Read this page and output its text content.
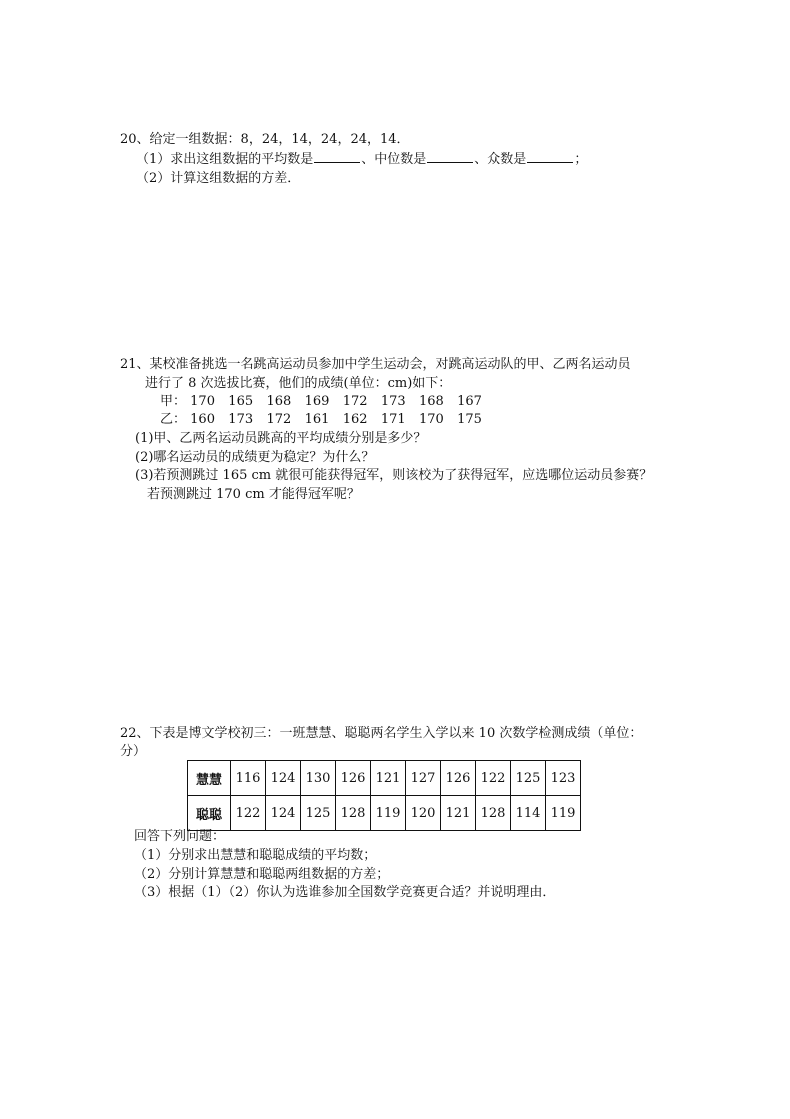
20、给定一组数据：8，24，14，24，24，14．
（1）求出这组数据的平均数是	、中位数是	、众数是	；
（2）计算这组数据的方差．
21、某校准备挑选一名跳高运动员参加中学生运动会，对跳高运动队的甲、乙两名运动员
进行了 8 次选拔比赛，他们的成绩(单位：cm)如下：
甲： 170 165 168 169 172 173 168 167
乙： 160 173 172 161 162 171 170 175
(1)甲、乙两名运动员跳高的平均成绩分别是多少？
(2)哪名运动员的成绩更为稳定？为什么？
(3)若预测跳过 165 cm 就很可能获得冠军，则该校为了获得冠军，应选哪位运动员参赛？
若预测跳过 170 cm 才能得冠军呢？
22、下表是博文学校初三：一班慧慧、聪聪两名学生入学以来 10 次数学检测成绩（单位：
分）
慧慧	116	124	130	126	121	127	126	122	125	123
聪聪	122	124	125	128	119	120	121	128	114	119
回答下列问题：
（1）分别求出慧慧和聪聪成绩的平均数；
（2）分别计算慧慧和聪聪两组数据的方差；
（3）根据（1）（2）你认为选谁参加全国数学竞赛更合适？并说明理由．
